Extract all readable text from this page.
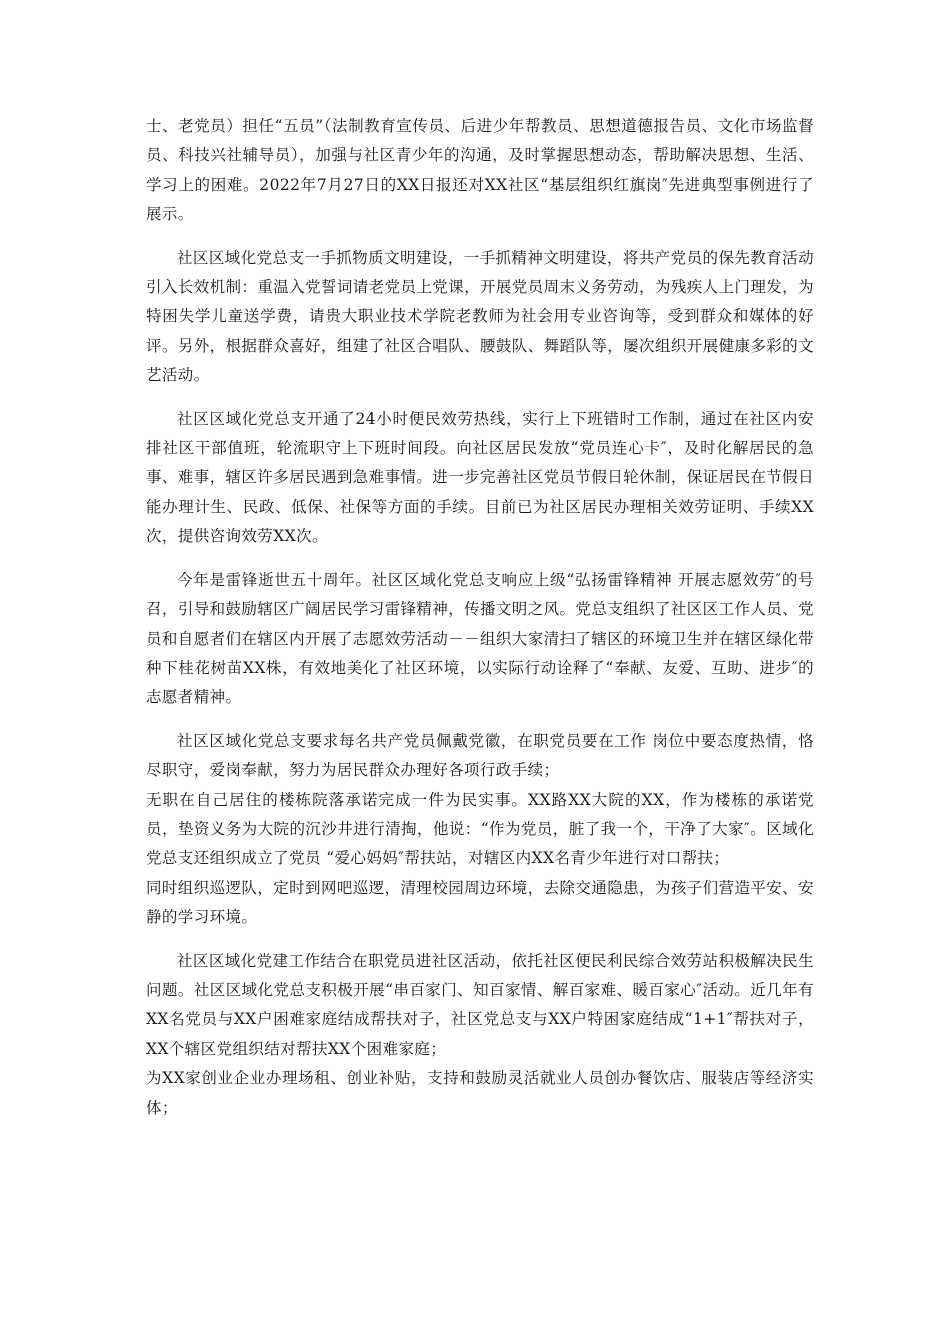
士、老党员）担任“五员”（法制教育宣传员、后进少年帮教员、思想道德报告员、文化市场监督员、科技兴社辅导员），加强与社区青少年的沟通，及时掌握思想动态，帮助解决思想、生活、学习上的困难。2022年7月27日的XX日报还对XX社区“基层组织红旗岗″先进典型事例进行了展示。

社区区域化党总支一手抓物质文明建设，一手抓精神文明建设，将共产党员的保先教育活动引入长效机制：重温入党誓词请老党员上党课，开展党员周末义务劳动，为残疾人上门理发，为特困失学儿童送学费，请贵大职业技术学院老教师为社会用专业咨询等，受到群众和媒体的好评。另外，根据群众喜好，组建了社区合唱队、腰鼓队、舞蹈队等，屡次组织开展健康多彩的文艺活动。

社区区域化党总支开通了24小时便民效劳热线，实行上下班错时工作制，通过在社区内安排社区干部值班，轮流职守上下班时间段。向社区居民发放“党员连心卡″，及时化解居民的急事、难事，辖区许多居民遇到急难事情。进一步完善社区党员节假日轮休制，保证居民在节假日能办理计生、民政、低保、社保等方面的手续。目前已为社区居民办理相关效劳证明、手续XX次，提供咨询效劳XX次。

今年是雷锋逝世五十周年。社区区域化党总支响应上级“弘扬雷锋精神 开展志愿效劳″的号召，引导和鼓励辖区广阔居民学习雷锋精神，传播文明之风。党总支组织了社区区工作人员、党员和自愿者们在辖区内开展了志愿效劳活动－－组织大家清扫了辖区的环境卫生并在辖区绿化带种下桂花树苗XX株，有效地美化了社区环境，以实际行动诠释了“奉献、友爱、互助、进步″的志愿者精神。

社区区域化党总支要求每名共产党员佩戴党徽，在职党员要在工作 岗位中要态度热情，恪尽职守，爱岗奉献，努力为居民群众办理好各项行政手续；

无职在自己居住的楼栋院落承诺完成一件为民实事。XX路XX大院的XX，作为楼栋的承诺党员，垫资义务为大院的沉沙井进行清掏，他说：“作为党员，脏了我一个，干净了大家″。区域化党总支还组织成立了党员 “爱心妈妈″帮扶站，对辖区内XX名青少年进行对口帮扶；

同时组织巡逻队，定时到网吧巡逻，清理校园周边环境，去除交通隐患，为孩子们营造平安、安静的学习环境。

社区区域化党建工作结合在职党员进社区活动，依托社区便民利民综合效劳站积极解决民生问题。社区区域化党总支积极开展“串百家门、知百家情、解百家难、暖百家心″活动。近几年有XX名党员与XX户困难家庭结成帮扶对子，社区党总支与XX户特困家庭结成“1+1″帮扶对子，XX个辖区党组织结对帮扶XX个困难家庭；

为XX家创业企业办理场租、创业补贴，支持和鼓励灵活就业人员创办餐饮店、服装店等经济实体；
